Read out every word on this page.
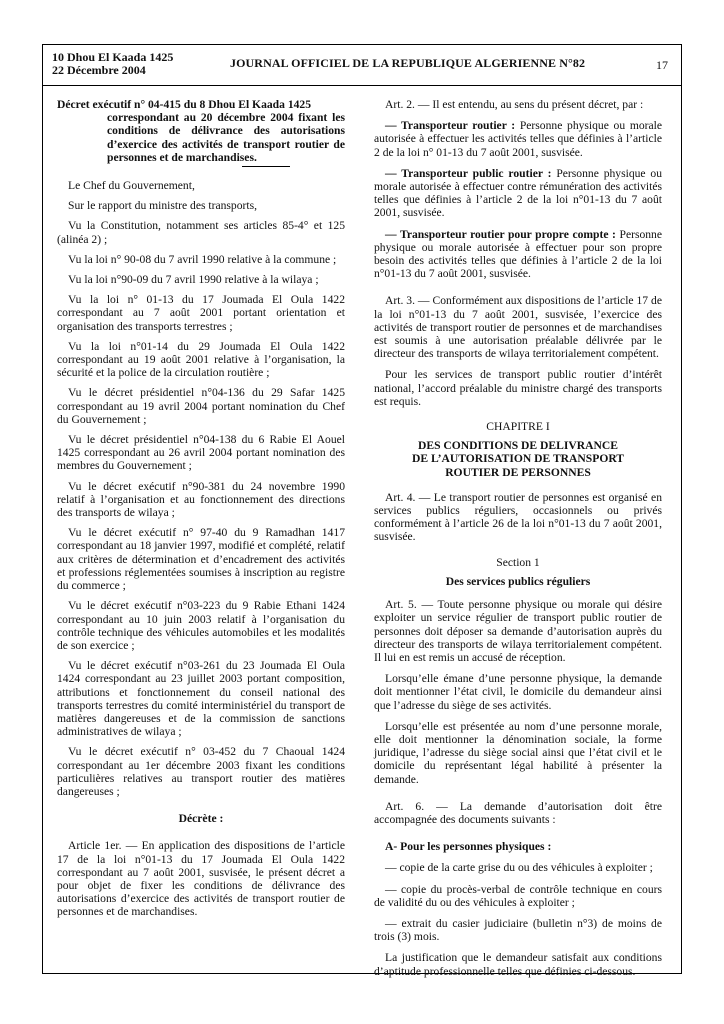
10 Dhou El Kaada 1425
22 Décembre 2004	JOURNAL OFFICIEL DE LA REPUBLIQUE ALGERIENNE N°82	17

Décret exécutif n° 04-415 du 8 Dhou El Kaada 1425
correspondant au 20 décembre 2004 fixant les conditions de délivrance des autorisations d’exercice des activités de transport routier de personnes et de marchandises.

Le Chef du Gouvernement,

Sur le rapport du ministre des transports,

Vu la Constitution, notamment ses articles 85-4° et 125 (alinéa 2) ;

Vu la loi n° 90-08 du 7 avril 1990 relative à la commune ;

Vu la loi n°90-09 du 7 avril 1990 relative à la wilaya ;

Vu la loi n° 01-13 du 17 Joumada El Oula 1422 correspondant au 7 août 2001 portant orientation et organisation des transports terrestres ;

Vu la loi n°01-14 du 29 Joumada El Oula 1422 correspondant au 19 août 2001 relative à l’organisation, la sécurité et la police de la circulation routière ;

Vu le décret présidentiel n°04-136 du 29 Safar 1425 correspondant au 19 avril 2004 portant nomination du Chef du Gouvernement ;

Vu le décret présidentiel n°04-138 du 6 Rabie El Aouel 1425 correspondant au 26 avril 2004 portant nomination des membres du Gouvernement ;

Vu le décret exécutif n°90-381 du 24 novembre 1990 relatif à l’organisation et au fonctionnement des directions des transports de wilaya ;

Vu le décret exécutif n° 97-40 du 9 Ramadhan 1417 correspondant au 18 janvier 1997, modifié et complété, relatif aux critères de détermination et d’encadrement des activités et professions réglementées soumises à inscription au registre du commerce ;

Vu le décret exécutif n°03-223 du 9 Rabie Ethani 1424 correspondant au 10 juin 2003 relatif à l’organisation du contrôle technique des véhicules automobiles et les modalités de son exercice ;

Vu le décret exécutif n°03-261 du 23 Joumada El Oula 1424 correspondant au 23 juillet 2003 portant composition, attributions et fonctionnement du conseil national des transports terrestres du comité interministériel du transport de matières dangereuses et de la commission de sanctions administratives de wilaya ;

Vu le décret exécutif n° 03-452 du 7 Chaoual 1424 correspondant au 1er décembre 2003 fixant les conditions particulières relatives au transport routier des matières dangereuses ;

Décrète :

Article 1er. — En application des dispositions de l’article 17 de la loi n°01-13 du 17 Joumada El Oula 1422 correspondant au 7 août 2001, susvisée, le présent décret a pour objet de fixer les conditions de délivrance des autorisations d’exercice des activités de transport routier de personnes et de marchandises.

Art. 2. — Il est entendu, au sens du présent décret, par :

— Transporteur routier : Personne physique ou morale autorisée à effectuer les activités telles que définies à l’article 2 de la loi n° 01-13 du 7 août 2001, susvisée.

— Transporteur public routier : Personne physique ou morale autorisée à effectuer contre rémunération des activités telles que définies à l’article 2 de la loi n°01-13 du 7 août 2001, susvisée.

— Transporteur routier pour propre compte : Personne physique ou morale autorisée à effectuer pour son propre besoin des activités telles que définies à l’article 2 de la loi n°01-13 du 7 août 2001, susvisée.

Art. 3. — Conformément aux dispositions de l’article 17 de la loi n°01-13 du 7 août 2001, susvisée, l’exercice des activités de transport routier de personnes et de marchandises est soumis à une autorisation préalable délivrée par le directeur des transports de wilaya territorialement compétent.

Pour les services de transport public routier d’intérêt national, l’accord préalable du ministre chargé des transports est requis.

CHAPITRE I

DES CONDITIONS DE DELIVRANCE
DE L’AUTORISATION DE TRANSPORT
ROUTIER DE PERSONNES

Art. 4. — Le transport routier de personnes est organisé en services publics réguliers, occasionnels ou privés conformément à l’article 26 de la loi n°01-13 du 7 août 2001, susvisée.

Section 1

Des services publics réguliers

Art. 5. — Toute personne physique ou morale qui désire exploiter un service régulier de transport public routier de personnes doit déposer sa demande d’autorisation auprès du directeur des transports de wilaya territorialement compétent. Il lui en est remis un accusé de réception.

Lorsqu’elle émane d’une personne physique, la demande doit mentionner l’état civil, le domicile du demandeur ainsi que l’adresse du siège de ses activités.

Lorsqu’elle est présentée au nom d’une personne morale, elle doit mentionner la dénomination sociale, la forme juridique, l’adresse du siège social ainsi que l’état civil et le domicile du représentant légal habilité à présenter la demande.

Art. 6. — La demande d’autorisation doit être accompagnée des documents suivants :

A- Pour les personnes physiques :

— copie de la carte grise du ou des véhicules à exploiter ;

— copie du procès-verbal de contrôle technique en cours de validité du ou des véhicules à exploiter ;

— extrait du casier judiciaire (bulletin n°3) de moins de trois (3) mois.

La justification que le demandeur satisfait aux conditions d’aptitude professionnelle telles que définies ci-dessous.
